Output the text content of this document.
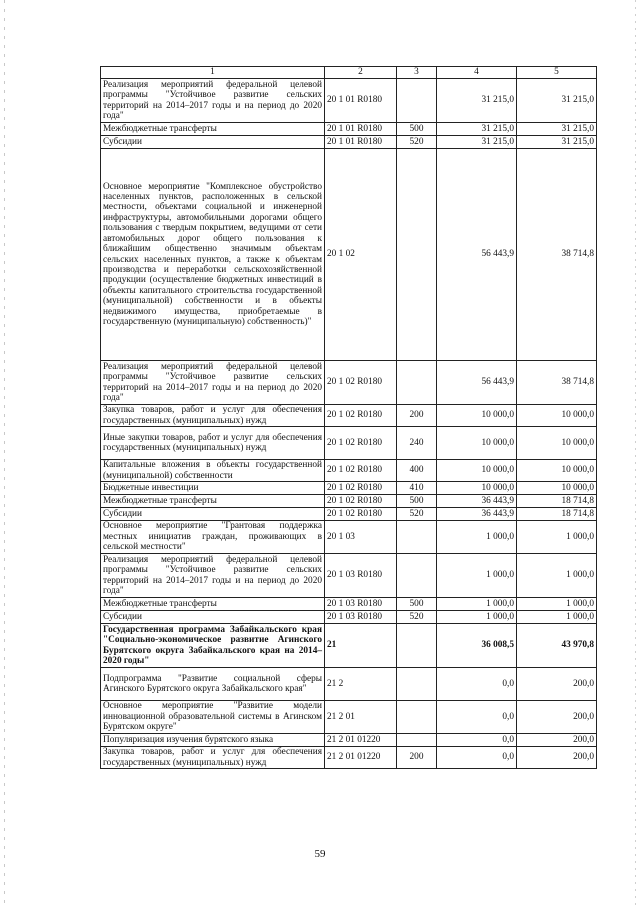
1	2	3	4	5
Реализация мероприятий федеральной целевой программы "Устойчивое развитие сельских территорий на 2014–2017 годы и на период до 2020 года"	20 1 01 R0180		31 215,0	31 215,0
Межбюджетные трансферты	20 1 01 R0180	500	31 215,0	31 215,0
Субсидии	20 1 01 R0180	520	31 215,0	31 215,0
Основное мероприятие "Комплексное обустройство населенных пунктов, расположенных в сельской местности, объектами социальной и инженерной инфраструктуры, автомобильными дорогами общего пользования с твердым покрытием, ведущими от сети автомобильных дорог общего пользования к ближайшим общественно значимым объектам сельских населенных пунктов, а также к объектам производства и переработки сельскохозяйственной продукции (осуществление бюджетных инвестиций в объекты капитального строительства государственной (муниципальной) собственности и в объекты недвижимого имущества, приобретаемые в государственную (муниципальную) собственность)"	20 1 02		56 443,9	38 714,8
Реализация мероприятий федеральной целевой программы "Устойчивое развитие сельских территорий на 2014–2017 годы и на период до 2020 года"	20 1 02 R0180		56 443,9	38 714,8
Закупка товаров, работ и услуг для обеспечения государственных (муниципальных) нужд	20 1 02 R0180	200	10 000,0	10 000,0
Иные закупки товаров, работ и услуг для обеспечения государственных (муниципальных) нужд	20 1 02 R0180	240	10 000,0	10 000,0
Капитальные вложения в объекты государственной (муниципальной) собственности	20 1 02 R0180	400	10 000,0	10 000,0
Бюджетные инвестиции	20 1 02 R0180	410	10 000,0	10 000,0
Межбюджетные трансферты	20 1 02 R0180	500	36 443,9	18 714,8
Субсидии	20 1 02 R0180	520	36 443,9	18 714,8
Основное мероприятие "Грантовая поддержка местных инициатив граждан, проживающих в сельской местности"	20 1 03		1 000,0	1 000,0
Реализация мероприятий федеральной целевой программы "Устойчивое развитие сельских территорий на 2014–2017 годы и на период до 2020 года"	20 1 03 R0180		1 000,0	1 000,0
Межбюджетные трансферты	20 1 03 R0180	500	1 000,0	1 000,0
Субсидии	20 1 03 R0180	520	1 000,0	1 000,0
Государственная программа Забайкальского края "Социально-экономическое развитие Агинского Бурятского округа Забайкальского края на 2014–2020 годы"	21		36 008,5	43 970,8
Подпрограмма "Развитие социальной сферы Агинского Бурятского округа Забайкальского края"	21 2		0,0	200,0
Основное мероприятие "Развитие модели инновационной образовательной системы в Агинском Бурятском округе"	21 2 01		0,0	200,0
Популяризация изучения бурятского языка	21 2 01 01220		0,0	200,0
Закупка товаров, работ и услуг для обеспечения государственных (муниципальных) нужд	21 2 01 01220	200	0,0	200,0
59
